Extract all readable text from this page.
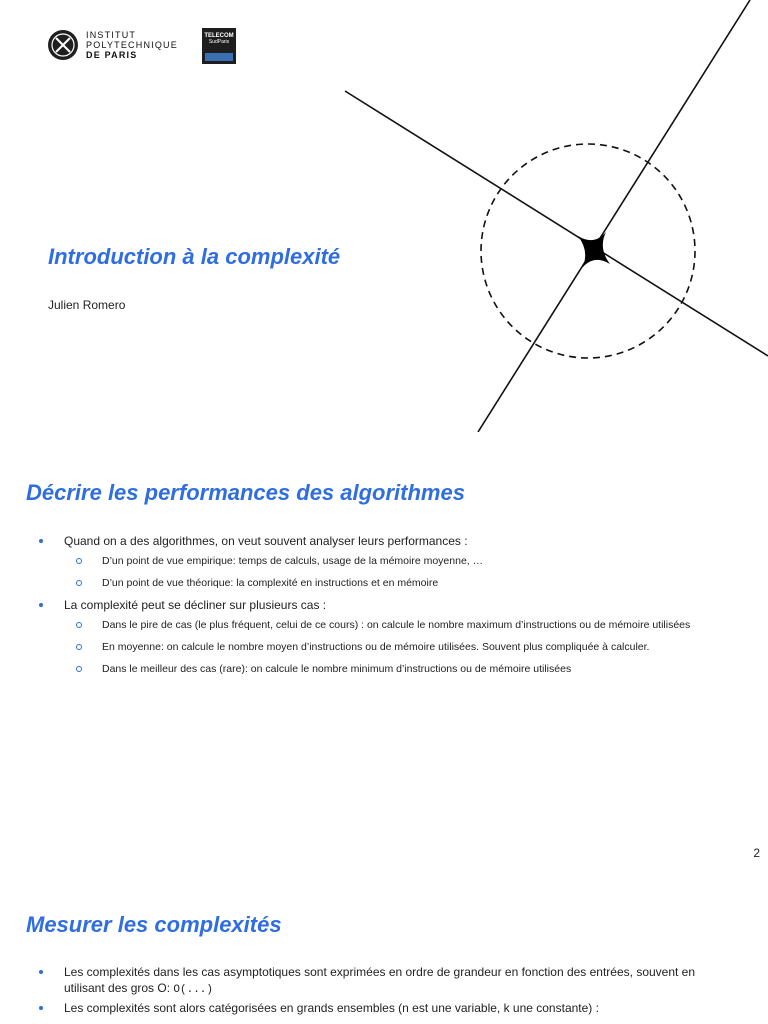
INSTITUT
POLYTECHNIQUE
DE PARIS
TELECOM
SudParis
Introduction à la complexité
Julien Romero
Décrire les performances des algorithmes
Quand on a des algorithmes, on veut souvent analyser leurs performances :
D’un point de vue empirique: temps de calculs, usage de la mémoire moyenne, …
D’un point de vue théorique: la complexité en instructions et en mémoire
La complexité peut se décliner sur plusieurs cas :
Dans le pire de cas (le plus fréquent, celui de ce cours) : on calcule le nombre maximum d’instructions ou de mémoire utilisées
En moyenne: on calcule le nombre moyen d’instructions ou de mémoire utilisées. Souvent plus compliquée à calculer.
Dans le meilleur des cas (rare): on calcule le nombre minimum d’instructions ou de mémoire utilisées
2
Mesurer les complexités
Les complexités dans les cas asymptotiques sont exprimées en ordre de grandeur en fonction des entrées, souvent en utilisant des gros O: O(...)
Les complexités sont alors catégorisées en grands ensembles (n est une variable, k une constante) :
